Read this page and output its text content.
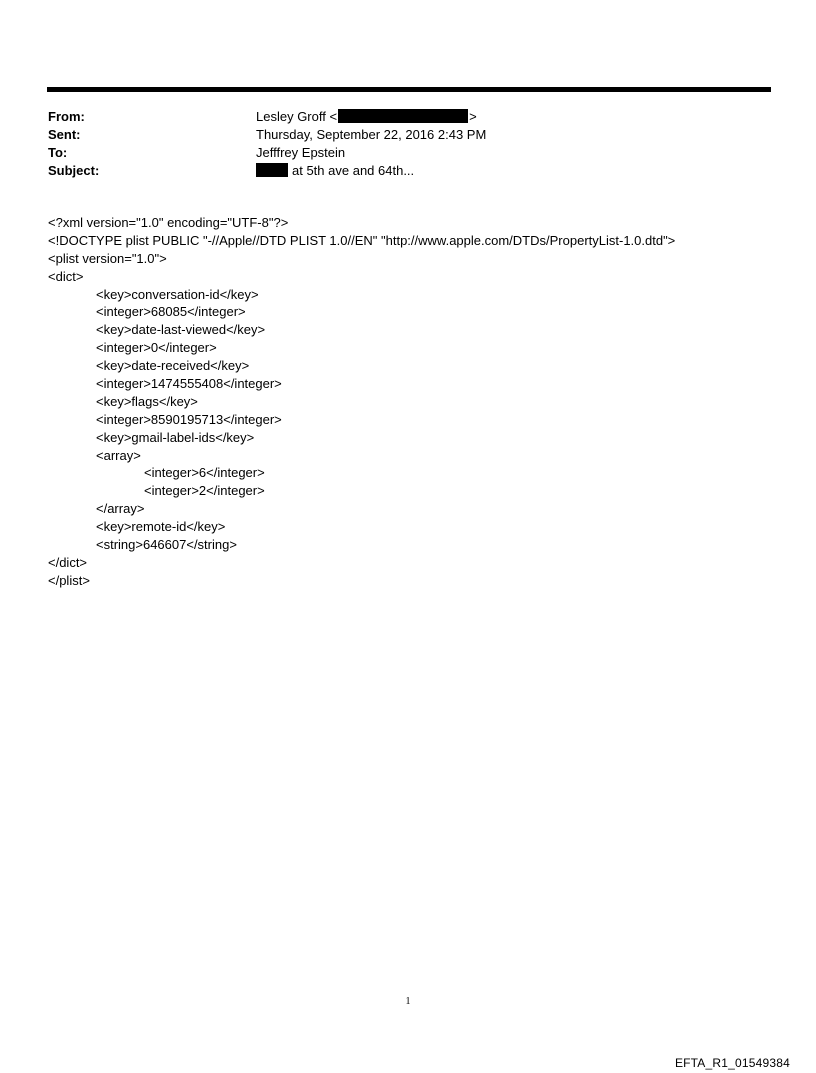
From:	Lesley Groff <	>
Sent:	Thursday, September 22, 2016 2:43 PM
To:	Jefffrey Epstein
Subject:	at 5th ave and 64th...
<?xml version="1.0" encoding="UTF-8"?>
<!DOCTYPE plist PUBLIC "-//Apple//DTD PLIST 1.0//EN" "http://www.apple.com/DTDs/PropertyList-1.0.dtd">
<plist version="1.0">
<dict>
<key>conversation-id</key>
<integer>68085</integer>
<key>date-last-viewed</key>
<integer>0</integer>
<key>date-received</key>
<integer>1474555408</integer>
<key>flags</key>
<integer>8590195713</integer>
<key>gmail-label-ids</key>
<array>
<integer>6</integer>
<integer>2</integer>
</array>
<key>remote-id</key>
<string>646607</string>
</dict>
</plist>
1
EFTA_R1_01549384
